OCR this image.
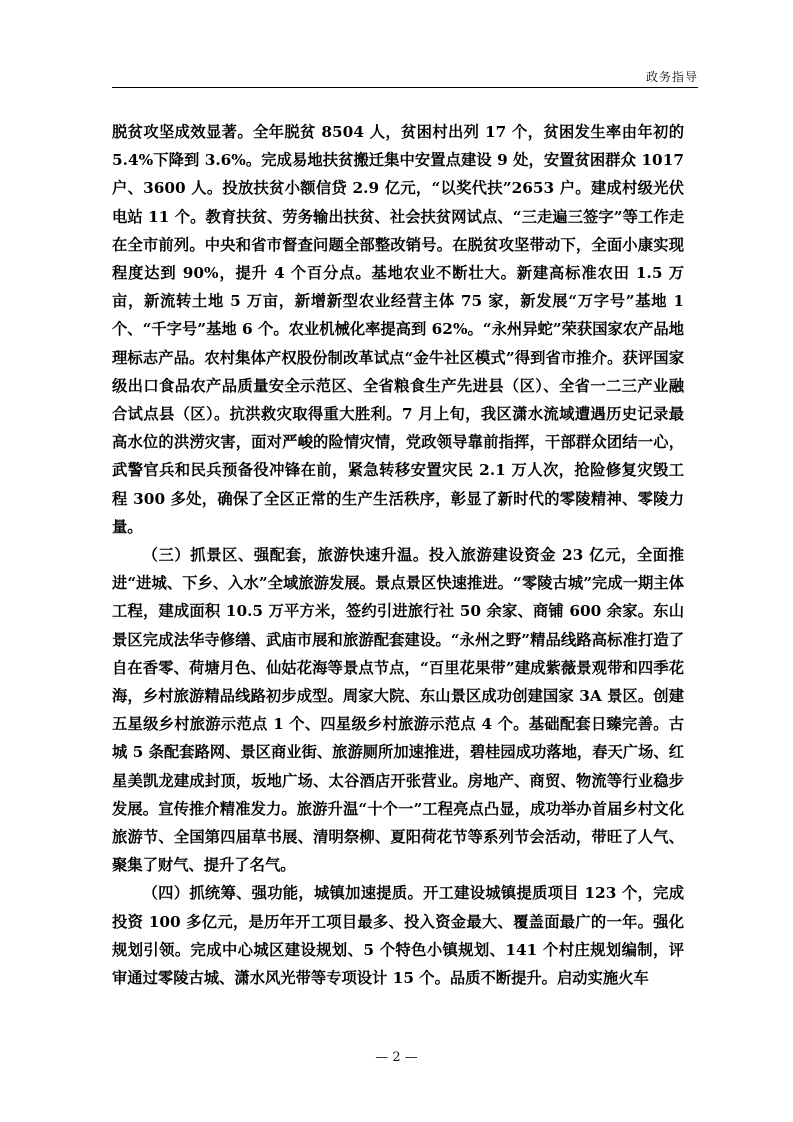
政务指导

脱贫攻坚成效显著。全年脱贫 8504 人，贫困村出列 17 个，贫困发生率由年初的 5.4%下降到 3.6%。完成易地扶贫搬迁集中安置点建设 9 处，安置贫困群众 1017 户、3600 人。投放扶贫小额信贷 2.9 亿元，“以奖代扶”2653 户。建成村级光伏电站 11 个。教育扶贫、劳务输出扶贫、社会扶贫网试点、“三走遍三签字”等工作走在全市前列。中央和省市督查问题全部整改销号。在脱贫攻坚带动下，全面小康实现程度达到 90%，提升 4 个百分点。基地农业不断壮大。新建高标准农田 1.5 万亩，新流转土地 5 万亩，新增新型农业经营主体 75 家，新发展“万字号”基地 1 个、“千字号”基地 6 个。农业机械化率提高到 62%。“永州异蛇”荣获国家农产品地理标志产品。农村集体产权股份制改革试点“金牛社区模式”得到省市推介。获评国家级出口食品农产品质量安全示范区、全省粮食生产先进县（区）、全省一二三产业融合试点县（区）。抗洪救灾取得重大胜利。7 月上旬，我区潇水流域遭遇历史记录最高水位的洪涝灾害，面对严峻的险情灾情，党政领导靠前指挥，干部群众团结一心，武警官兵和民兵预备役冲锋在前，紧急转移安置灾民 2.1 万人次，抢险修复灾毁工程 300 多处，确保了全区正常的生产生活秩序，彰显了新时代的零陵精神、零陵力量。

（三）抓景区、强配套，旅游快速升温。投入旅游建设资金 23 亿元，全面推进“进城、下乡、入水”全域旅游发展。景点景区快速推进。“零陵古城”完成一期主体工程，建成面积 10.5 万平方米，签约引进旅行社 50 余家、商铺 600 余家。东山景区完成法华寺修缮、武庙市展和旅游配套建设。“永州之野”精品线路高标准打造了自在香零、荷塘月色、仙姑花海等景点节点，“百里花果带”建成紫薇景观带和四季花海，乡村旅游精品线路初步成型。周家大院、东山景区成功创建国家 3A 景区。创建五星级乡村旅游示范点 1 个、四星级乡村旅游示范点 4 个。基础配套日臻完善。古城 5 条配套路网、景区商业街、旅游厕所加速推进，碧桂园成功落地，春天广场、红星美凯龙建成封顶，坂地广场、太谷酒店开张营业。房地产、商贸、物流等行业稳步发展。宣传推介精准发力。旅游升温“十个一”工程亮点凸显，成功举办首届乡村文化旅游节、全国第四届草书展、清明祭柳、夏阳荷花节等系列节会活动，带旺了人气、聚集了财气、提升了名气。

（四）抓统筹、强功能，城镇加速提质。开工建设城镇提质项目 123 个，完成投资 100 多亿元，是历年开工项目最多、投入资金最大、覆盖面最广的一年。强化规划引领。完成中心城区建设规划、5 个特色小镇规划、141 个村庄规划编制，评审通过零陵古城、潇水风光带等专项设计 15 个。品质不断提升。启动实施火车

— 2 —
